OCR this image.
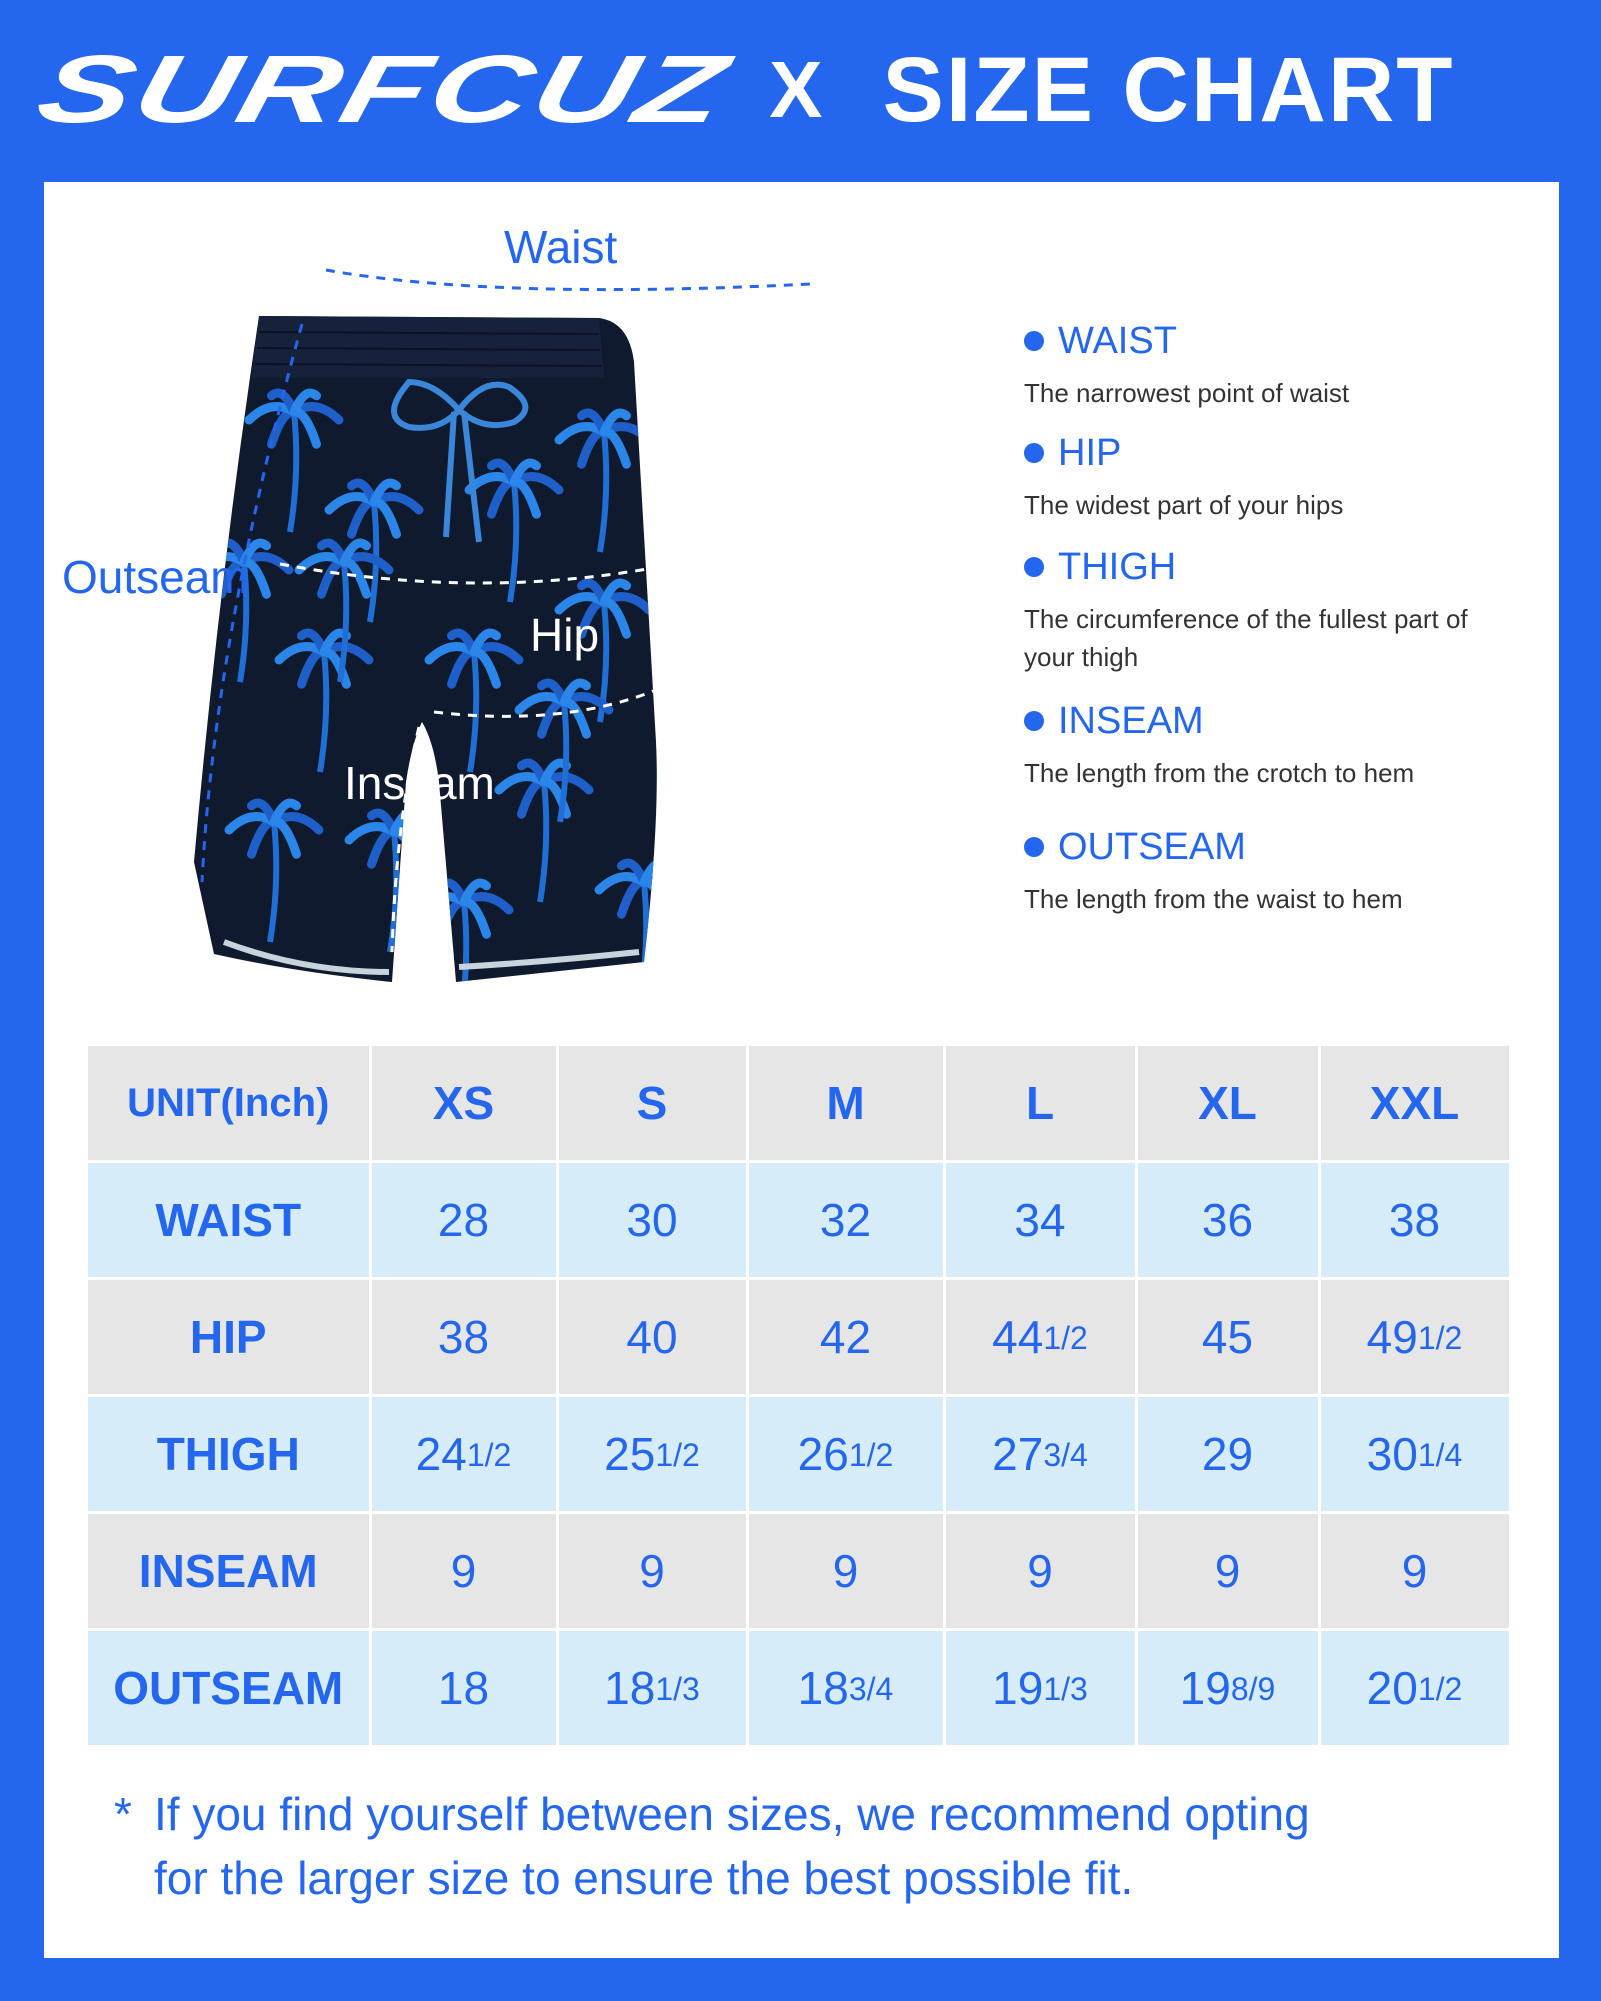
SURFCUZ X SIZE CHART
Waist
Outseam
Hip
Inseam	Thigh
WAIST
The narrowest point of waist
HIP
The widest part of your hips
THIGH
The circumference of the fullest part of your thigh
INSEAM
The length from the crotch to hem
OUTSEAM
The length from the waist to hem
UNIT(Inch)	XS	S	M	L	XL	XXL
WAIST	28	30	32	34	36	38
HIP	38	40	42	441/2	45	491/2
THIGH	241/2	251/2	261/2	273/4	29	301/4
INSEAM	9	9	9	9	9	9
OUTSEAM	18	181/3	183/4	191/3	198/9	201/2
* If you find yourself between sizes, we recommend opting
for the larger size to ensure the best possible fit.
